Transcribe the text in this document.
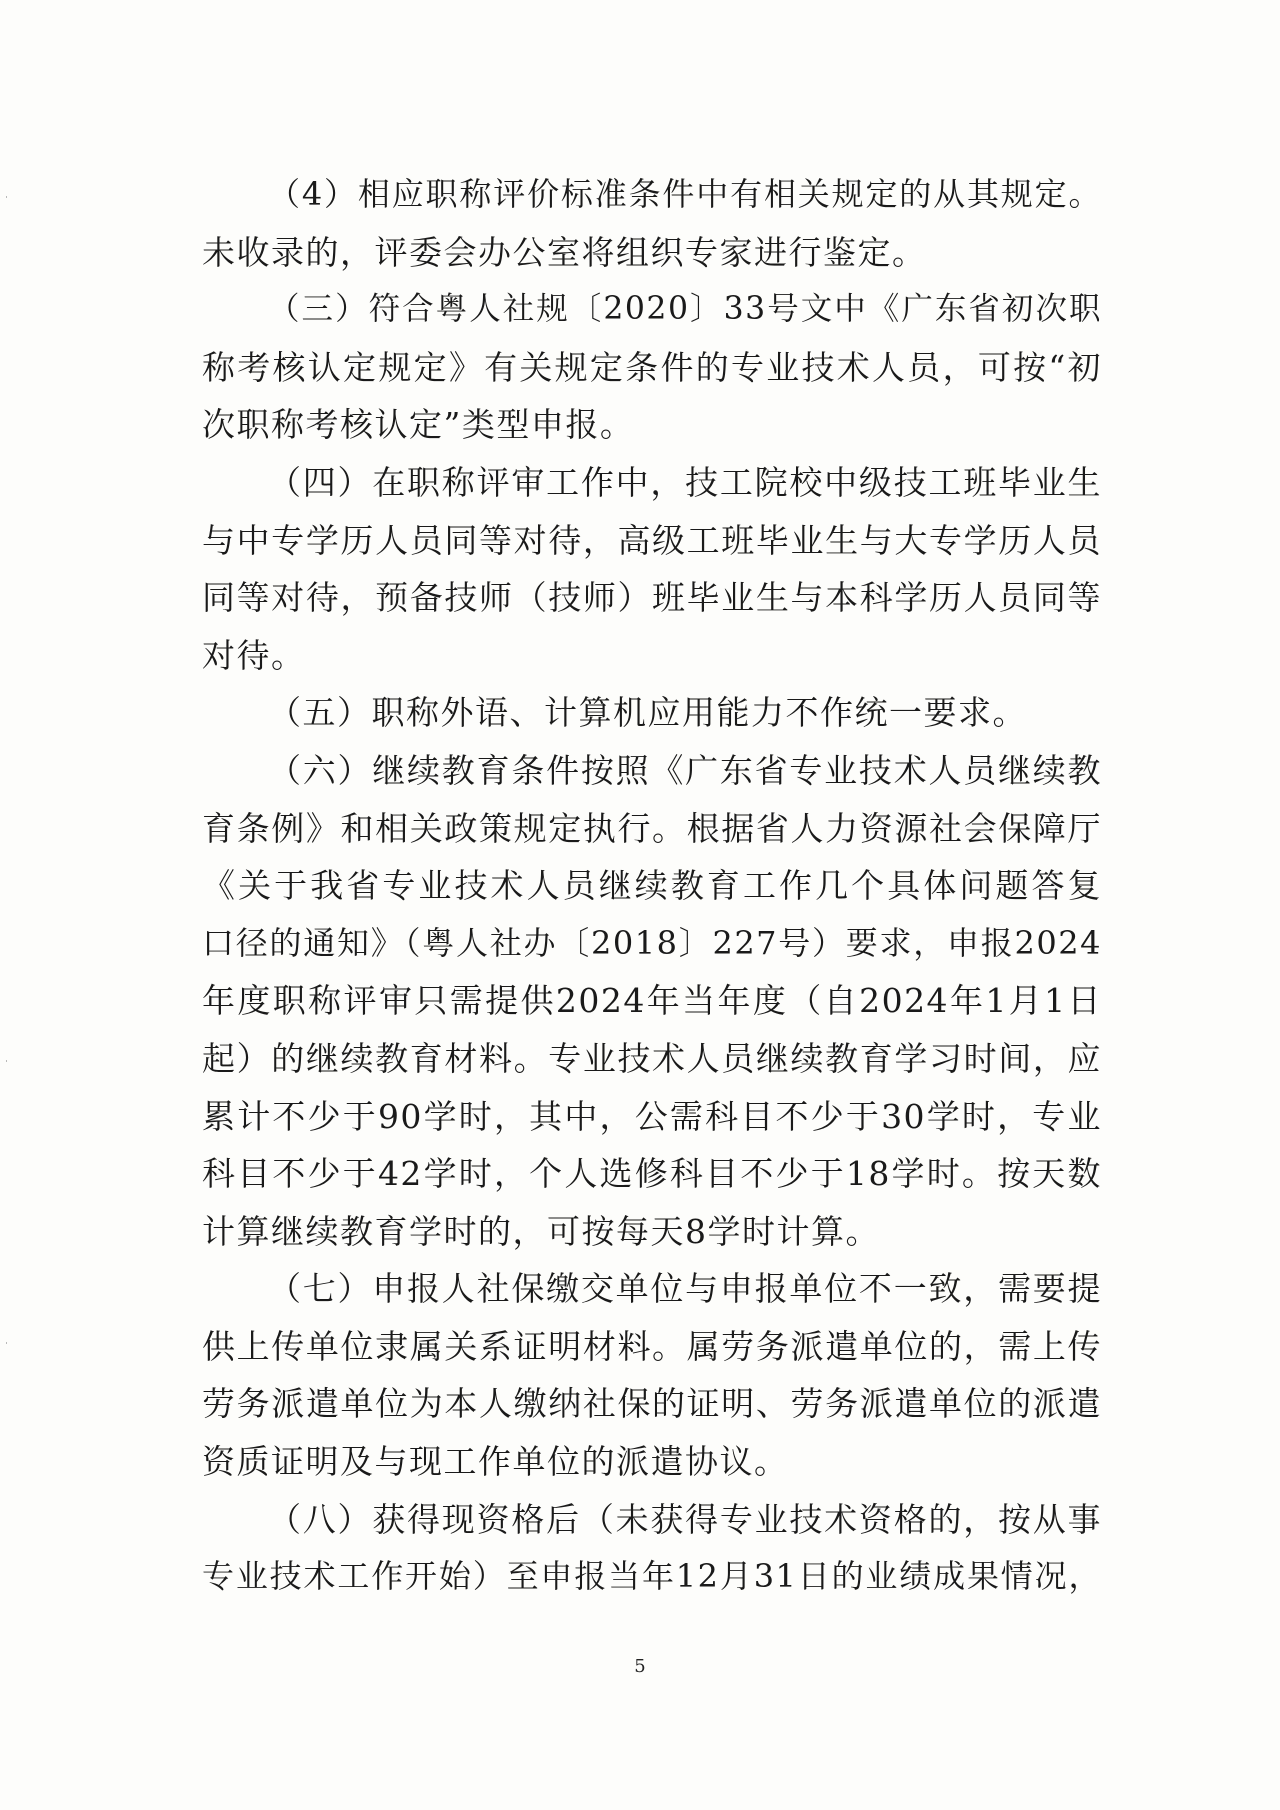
（4）相应职称评价标准条件中有相关规定的从其规定。
未收录的，评委会办公室将组织专家进行鉴定。
（三）符合粤人社规〔2020〕33号文中《广东省初次职
称考核认定规定》有关规定条件的专业技术人员，可按“初
次职称考核认定”类型申报。
（四）在职称评审工作中，技工院校中级技工班毕业生
与中专学历人员同等对待，高级工班毕业生与大专学历人员
同等对待，预备技师（技师）班毕业生与本科学历人员同等
对待。
（五）职称外语、计算机应用能力不作统一要求。
（六）继续教育条件按照《广东省专业技术人员继续教
育条例》和相关政策规定执行。根据省人力资源社会保障厅
《关于我省专业技术人员继续教育工作几个具体问题答复
口径的通知》（粤人社办〔2018〕227号）要求，申报2024
年度职称评审只需提供2024年当年度（自2024年1月1日
起）的继续教育材料。专业技术人员继续教育学习时间，应
累计不少于90学时，其中，公需科目不少于30学时，专业
科目不少于42学时，个人选修科目不少于18学时。按天数
计算继续教育学时的，可按每天8学时计算。
（七）申报人社保缴交单位与申报单位不一致，需要提
供上传单位隶属关系证明材料。属劳务派遣单位的，需上传
劳务派遣单位为本人缴纳社保的证明、劳务派遣单位的派遣
资质证明及与现工作单位的派遣协议。
（八）获得现资格后（未获得专业技术资格的，按从事
专业技术工作开始）至申报当年12月31日的业绩成果情况，
5
